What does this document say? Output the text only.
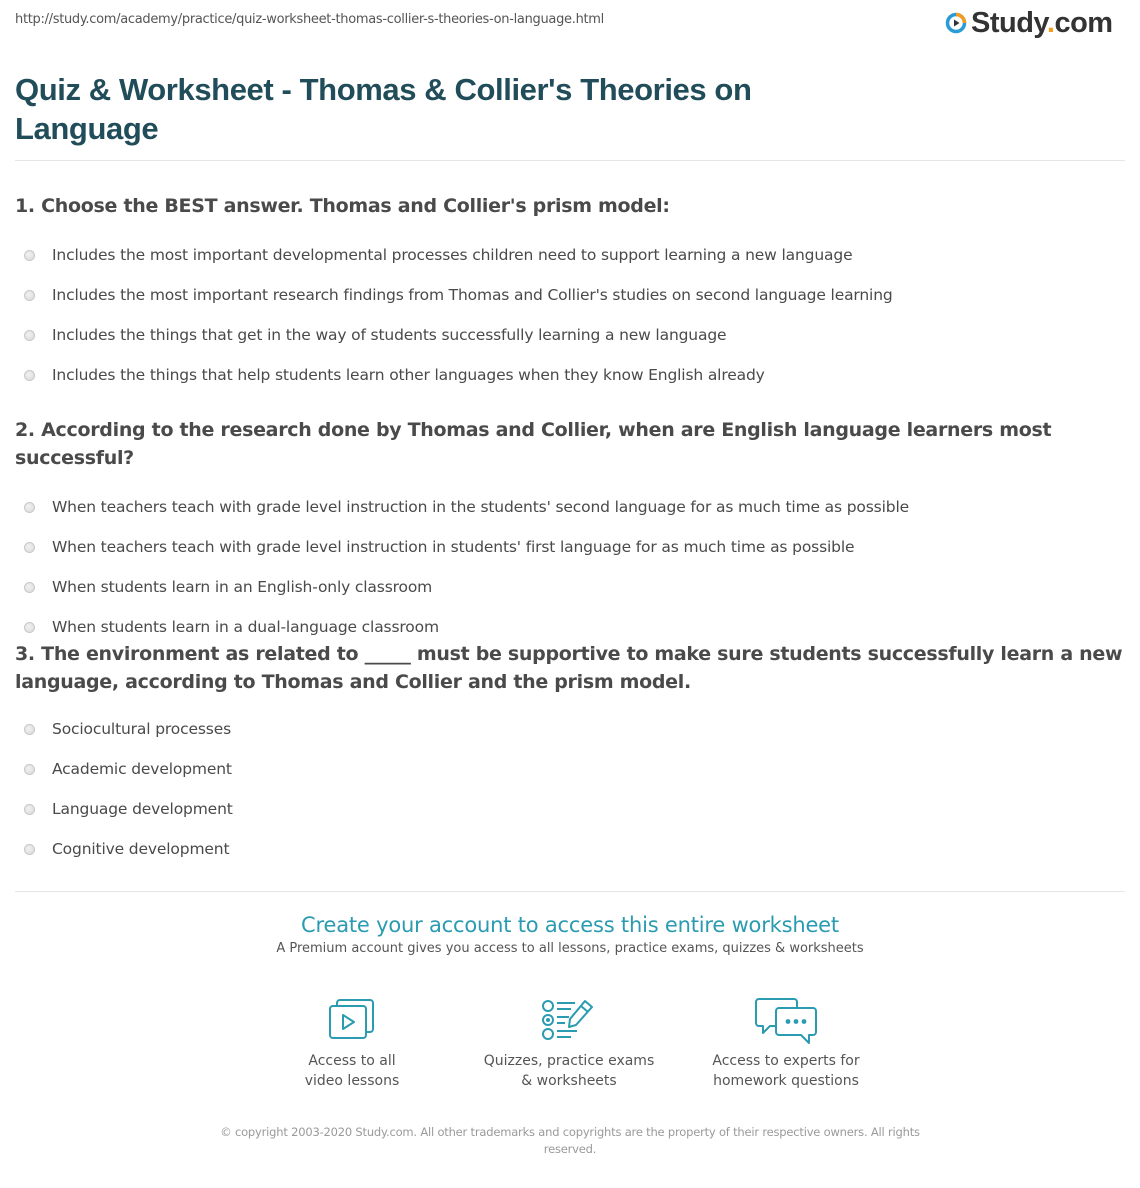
http://study.com/academy/practice/quiz-worksheet-thomas-collier-s-theories-on-language.html	Study.com
Quiz & Worksheet - Thomas & Collier's Theories on Language
1. Choose the BEST answer. Thomas and Collier's prism model:
Includes the most important developmental processes children need to support learning a new language
Includes the most important research findings from Thomas and Collier's studies on second language learning
Includes the things that get in the way of students successfully learning a new language
Includes the things that help students learn other languages when they know English already
2. According to the research done by Thomas and Collier, when are English language learners most successful?
When teachers teach with grade level instruction in the students' second language for as much time as possible
When teachers teach with grade level instruction in students' first language for as much time as possible
When students learn in an English-only classroom
When students learn in a dual-language classroom
3. The environment as related to _____ must be supportive to make sure students successfully learn a new language, according to Thomas and Collier and the prism model.
Sociocultural processes
Academic development
Language development
Cognitive development
Create your account to access this entire worksheet
A Premium account gives you access to all lessons, practice exams, quizzes & worksheets
Access to all
video lessons
Quizzes, practice exams
& worksheets
Access to experts for
homework questions
© copyright 2003-2020 Study.com. All other trademarks and copyrights are the property of their respective owners. All rights reserved.
